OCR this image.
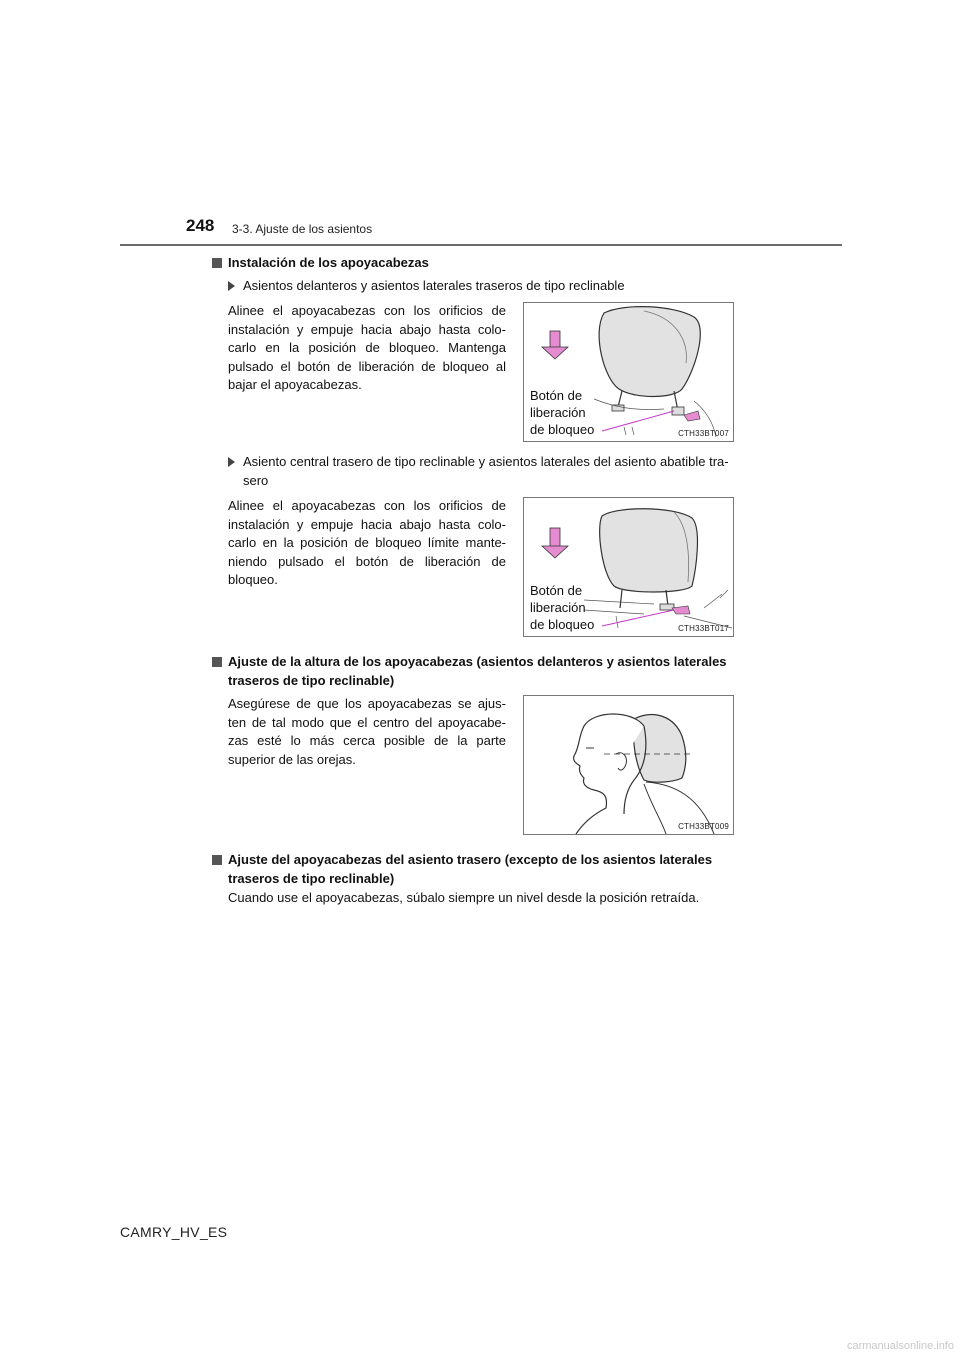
248 3-3. Ajuste de los asientos
Instalación de los apoyacabezas
Asientos delanteros y asientos laterales traseros de tipo reclinable
Alinee el apoyacabezas con los orificios de instalación y empuje hacia abajo hasta colo- carlo en la posición de bloqueo. Mantenga pulsado el botón de liberación de bloqueo al bajar el apoyacabezas.
Botón de
liberación
de bloqueo	CTH33BT007
Asiento central trasero de tipo reclinable y asientos laterales del asiento abatible tra-
sero
Alinee el apoyacabezas con los orificios de instalación y empuje hacia abajo hasta colo- carlo en la posición de bloqueo límite mante- niendo pulsado el botón de liberación de bloqueo.
Botón de
liberación
de bloqueo	CTH33BT017
Ajuste de la altura de los apoyacabezas (asientos delanteros y asientos laterales
traseros de tipo reclinable)
Asegúrese de que los apoyacabezas se ajus- ten de tal modo que el centro del apoyacabe- zas esté lo más cerca posible de la parte superior de las orejas.
CTH33BT009
Ajuste del apoyacabezas del asiento trasero (excepto de los asientos laterales
traseros de tipo reclinable)
Cuando use el apoyacabezas, súbalo siempre un nivel desde la posición retraída.
CAMRY_HV_ES
carmanualsonline.info
